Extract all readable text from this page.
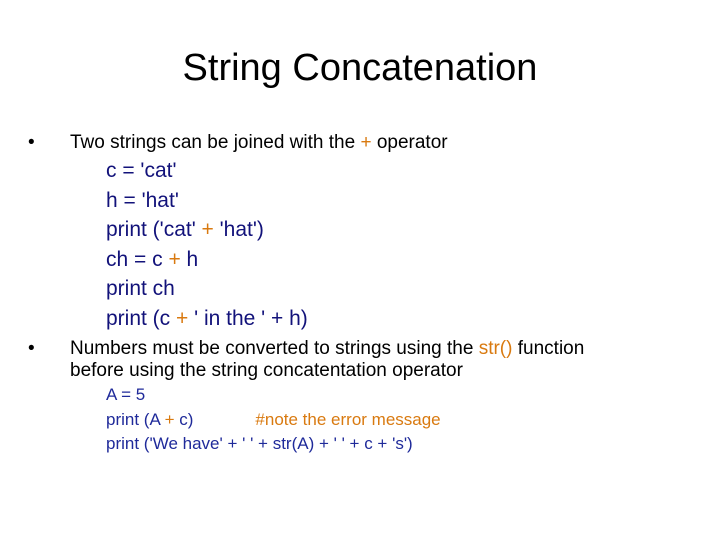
String Concatenation
• Two strings can be joined with the + operator
c = 'cat'
h = 'hat'
print ('cat' + 'hat')
ch = c + h
print ch
print (c + ' in the ' + h)
• Numbers must be converted to strings using the str() function
before using the string concatentation operator
A = 5
print (A + c)	#note the error message
print ('We have' + ' ' + str(A) + ' ' + c + 's')
